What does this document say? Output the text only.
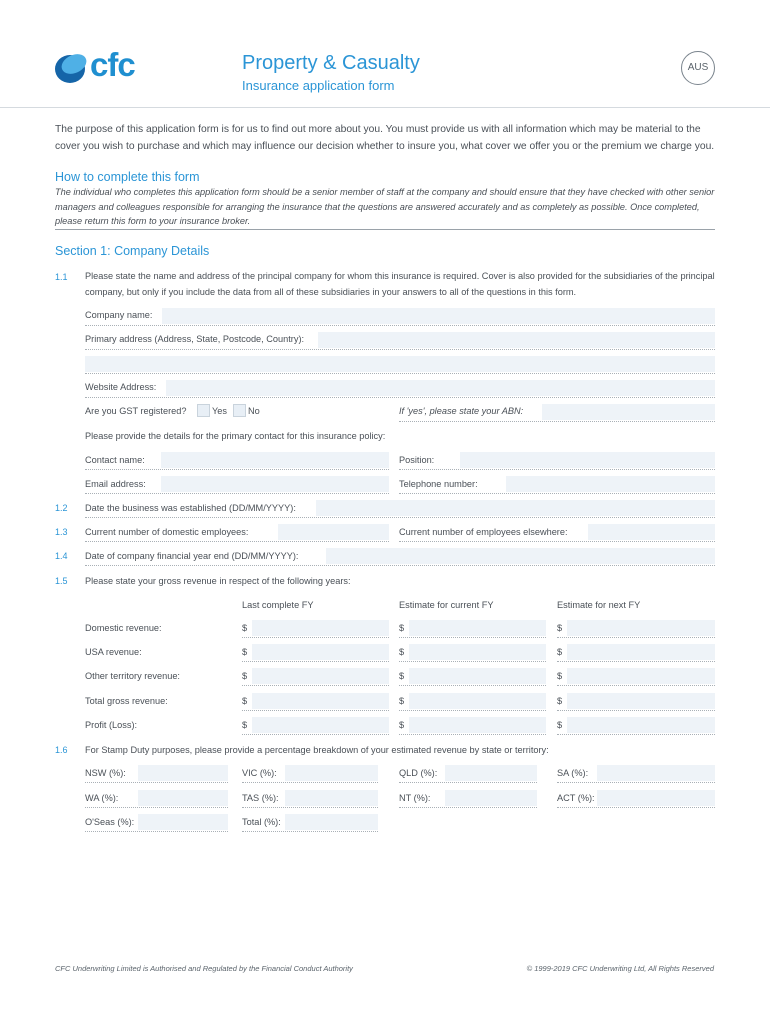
cfc	Property & Casualty
Insurance application form
AUS
The purpose of this application form is for us to find out more about you. You must provide us with all information which may be material to the cover you wish to purchase and which may influence our decision whether to insure you, what cover we offer you or the premium we charge you.
How to complete this form
The individual who completes this application form should be a senior member of staff at the company and should ensure that they have checked with other senior managers and colleagues responsible for arranging the insurance that the questions are answered accurately and as completely as possible. Once completed, please return this form to your insurance broker.
Section 1: Company Details
1.1 Please state the name and address of the principal company for whom this insurance is required. Cover is also provided for the subsidiaries of the principal company, but only if you include the data from all of these subsidiaries in your answers to all of the questions in this form.
Company name:
Primary address (Address, State, Postcode, Country):
Website Address:
Are you GST registered?	Yes No	If 'yes', please state your ABN:
Please provide the details for the primary contact for this insurance policy:
Contact name:	Position:
Email address:	Telephone number:
1.2 Date the business was established (DD/MM/YYYY):
1.3 Current number of domestic employees:	Current number of employees elsewhere:
1.4 Date of company financial year end (DD/MM/YYYY):
1.5 Please state your gross revenue in respect of the following years:
Last complete FY	Estimate for current FY	Estimate for next FY
Domestic revenue:	$	$	$
USA revenue:	$	$	$
Other territory revenue:	$	$	$
Total gross revenue:	$	$	$
Profit (Loss):	$	$	$
1.6 For Stamp Duty purposes, please provide a percentage breakdown of your estimated revenue by state or territory:
NSW (%):	VIC (%):	QLD (%):	SA (%):
WA (%):	TAS (%):	NT (%):	ACT (%):
O'Seas (%):	Total (%):
CFC Underwriting Limited is Authorised and Regulated by the Financial Conduct Authority	© 1999-2019 CFC Underwriting Ltd, All Rights Reserved
